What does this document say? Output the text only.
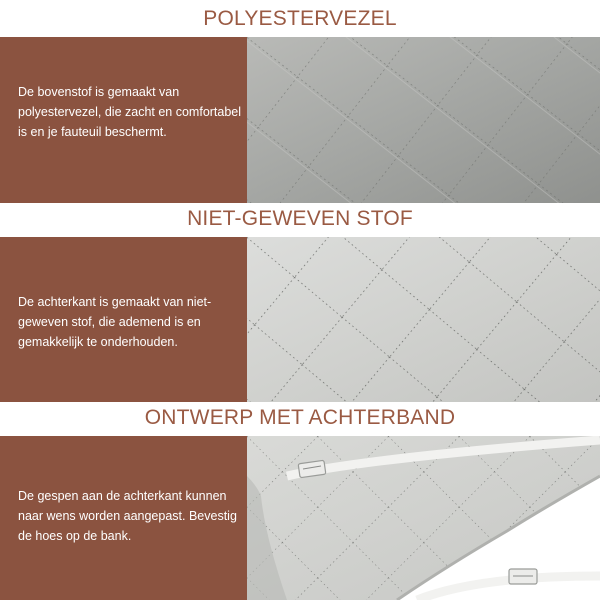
POLYESTERVEZEL
De bovenstof is gemaakt van polyestervezel, die zacht en comfortabel is en je fauteuil beschermt.
NIET-GEWEVEN STOF
De achterkant is gemaakt van niet-geweven stof, die ademend is en gemakkelijk te onderhouden.
ONTWERP MET ACHTERBAND
De gespen aan de achterkant kunnen naar wens worden aangepast. Bevestig de hoes op de bank.
